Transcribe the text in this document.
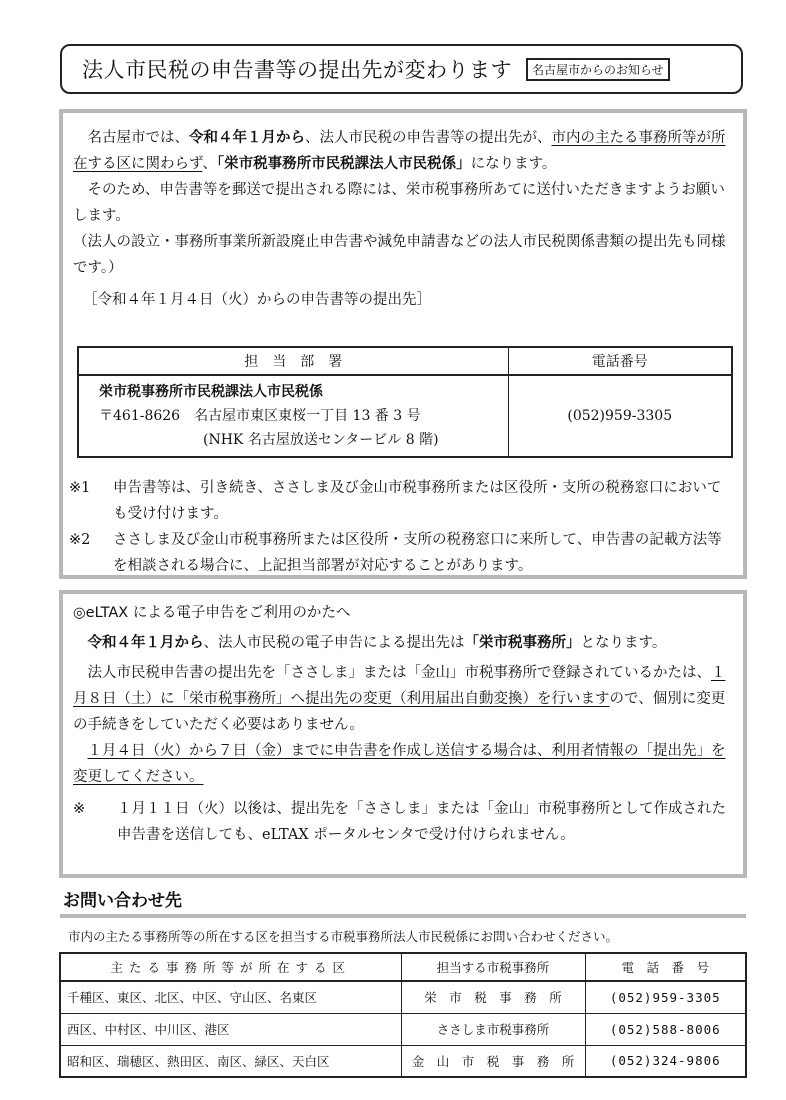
法人市民税の申告書等の提出先が変わります	名古屋市からのお知らせ

名古屋市では、令和４年１月から、法人市民税の申告書等の提出先が、市内の主たる事務所等が所在する区に関わらず、「栄市税事務所市民税課法人市民税係」になります。

そのため、申告書等を郵送で提出される際には、栄市税事務所あてに送付いただきますようお願いします。

（法人の設立・事務所事業所新設廃止申告書や減免申請書などの法人市民税関係書類の提出先も同様です。）

［令和４年１月４日（火）からの申告書等の提出先］

担　当　部　署	電話番号

栄市税事務所市民税課法人市民税係
〒461-8626　名古屋市東区東桜一丁目 13 番 3 号
(NHK 名古屋放送センタービル 8 階)	(052)959-3305
※1	申告書等は、引き続き、ささしま及び金山市税事務所または区役所・支所の税務窓口においても受け付けます。
※2	ささしま及び金山市税事務所または区役所・支所の税務窓口に来所して、申告書の記載方法等を相談される場合に、上記担当部署が対応することがあります。

◎eLTAX による電子申告をご利用のかたへ

令和４年１月から、法人市民税の電子申告による提出先は「栄市税事務所」となります。

法人市民税申告書の提出先を「ささしま」または「金山」市税事務所で登録されているかたは、１月８日（土）に「栄市税事務所」へ提出先の変更（利用届出自動変換）を行いますので、個別に変更の手続きをしていただく必要はありません。

１月４日（火）から７日（金）までに申告書を作成し送信する場合は、利用者情報の「提出先」を変更してください。

※	１月１１日（火）以後は、提出先を「ささしま」または「金山」市税事務所として作成された申告書を送信しても、eLTAX ポータルセンタで受け付けられません。
お問い合わせ先
市内の主たる事務所等の所在する区を担当する市税事務所法人市民税係にお問い合わせください。
主たる事務所等が所在する区	担当する市税事務所	電　話　番　号
千種区、東区、北区、中区、守山区、名東区	栄　市　税　事　務　所	(052)959-3305
西区、中村区、中川区、港区	ささしま市税事務所	(052)588-8006
昭和区、瑞穂区、熱田区、南区、緑区、天白区	金　山　市　税　事　務　所	(052)324-9806
